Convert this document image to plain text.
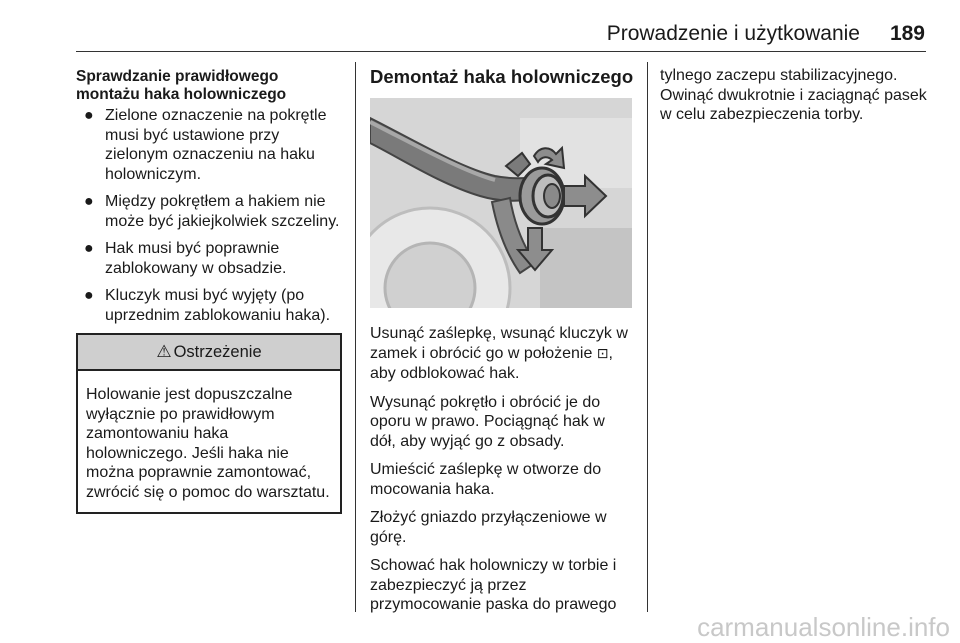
Prowadzenie i użytkowanie	189
Sprawdzanie prawidłowego montażu haka holowniczego
● Zielone oznaczenie na pokrętle musi być ustawione przy zielonym oznaczeniu na haku holowniczym.
● Między pokrętłem a hakiem nie może być jakiejkolwiek szczeliny.
● Hak musi być poprawnie zablokowany w obsadzie.
● Kluczyk musi być wyjęty (po uprzednim zablokowaniu haka).
⚠ Ostrzeżenie
Holowanie jest dopuszczalne wyłącznie po prawidłowym zamontowaniu haka holowniczego. Jeśli haka nie można poprawnie zamontować, zwrócić się o pomoc do warsztatu.
Demontaż haka holowniczego
Usunąć zaślepkę, wsunąć kluczyk w zamek i obrócić go w położenie ⊡, aby odblokować hak.
Wysunąć pokrętło i obrócić je do oporu w prawo. Pociągnąć hak w dół, aby wyjąć go z obsady.
Umieścić zaślepkę w otworze do mocowania haka.
Złożyć gniazdo przyłączeniowe w górę.
Schować hak holowniczy w torbie i zabezpieczyć ją przez przymocowanie paska do prawego
tylnego zaczepu stabilizacyjnego. Owinąć dwukrotnie i zaciągnąć pasek w celu zabezpieczenia torby.
carmanualsonline.info
